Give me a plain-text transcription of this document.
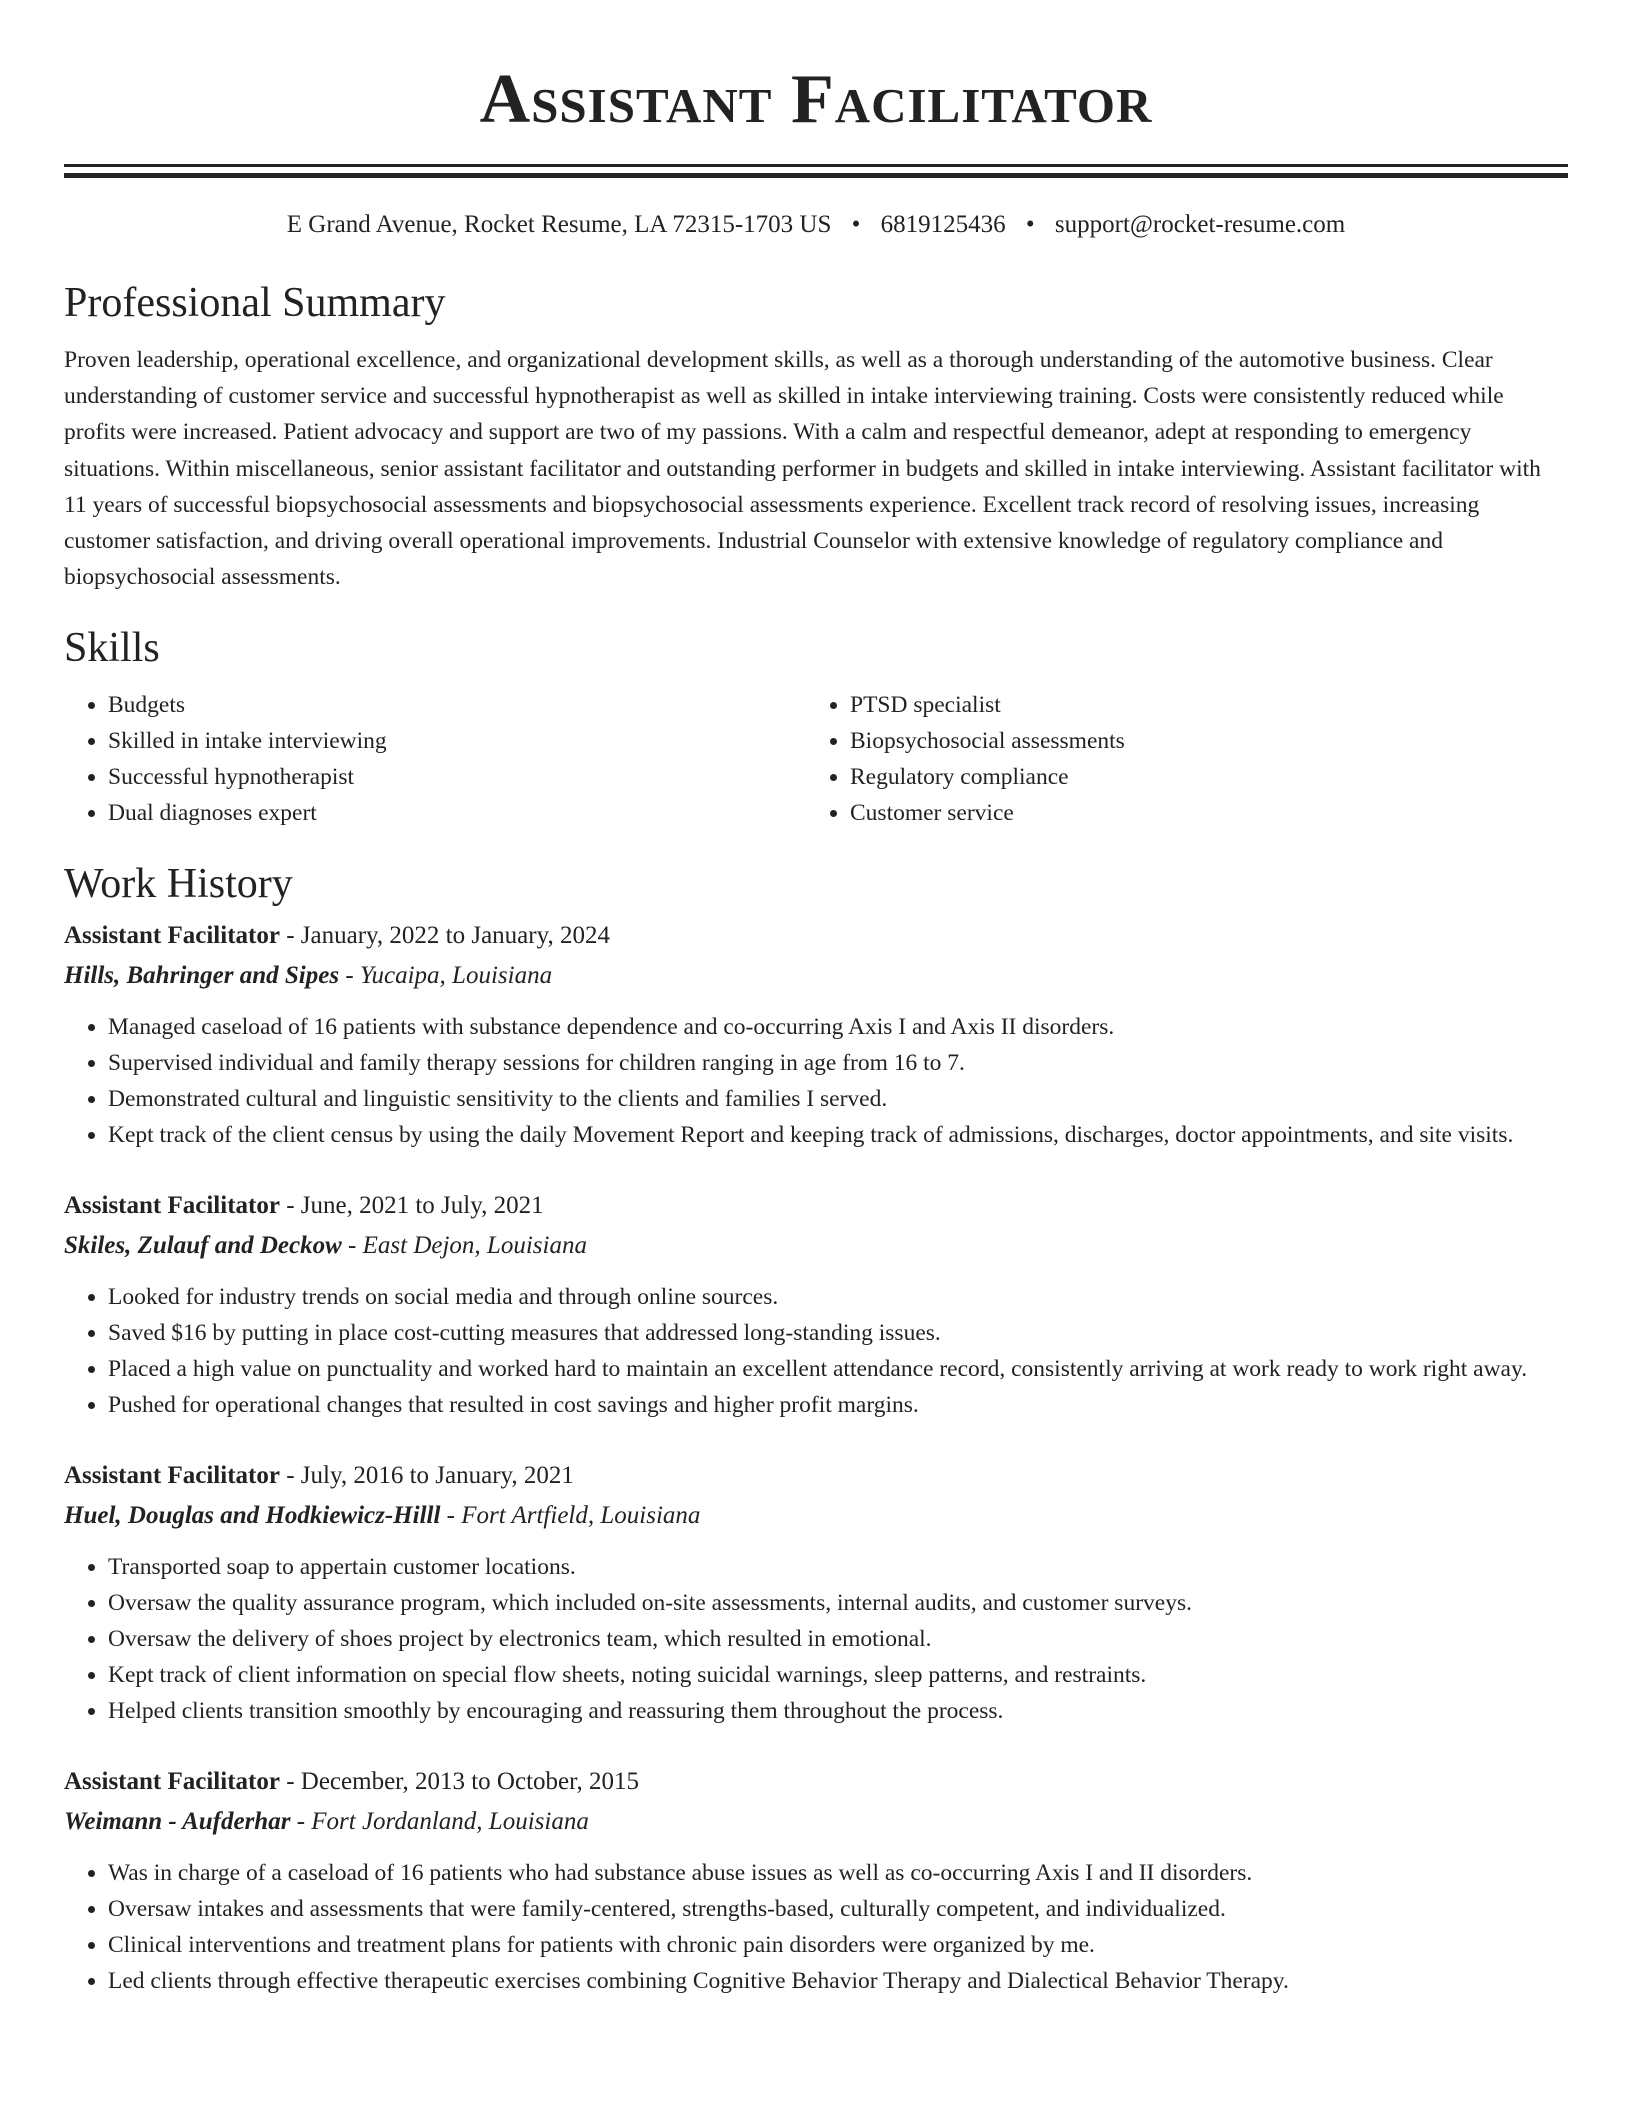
Assistant Facilitator
E Grand Avenue, Rocket Resume, LA 72315-1703 US • 6819125436 • support@rocket-resume.com
Professional Summary

Proven leadership, operational excellence, and organizational development skills, as well as a thorough understanding of the automotive business. Clear understanding of customer service and successful hypnotherapist as well as skilled in intake interviewing training. Costs were consistently reduced while profits were increased. Patient advocacy and support are two of my passions. With a calm and respectful demeanor, adept at responding to emergency situations. Within miscellaneous, senior assistant facilitator and outstanding performer in budgets and skilled in intake interviewing. Assistant facilitator with 11 years of successful biopsychosocial assessments and biopsychosocial assessments experience. Excellent track record of resolving issues, increasing customer satisfaction, and driving overall operational improvements. Industrial Counselor with extensive knowledge of regulatory compliance and biopsychosocial assessments.

Skills
• Budgets
• Skilled in intake interviewing
• Successful hypnotherapist
• Dual diagnoses expert
• PTSD specialist
• Biopsychosocial assessments
• Regulatory compliance
• Customer service
Work History
Assistant Facilitator - January, 2022 to January, 2024
Hills, Bahringer and Sipes - Yucaipa, Louisiana
• Managed caseload of 16 patients with substance dependence and co-occurring Axis I and Axis II disorders.
• Supervised individual and family therapy sessions for children ranging in age from 16 to 7.
• Demonstrated cultural and linguistic sensitivity to the clients and families I served.
• Kept track of the client census by using the daily Movement Report and keeping track of admissions, discharges, doctor appointments, and site visits.
Assistant Facilitator - June, 2021 to July, 2021
Skiles, Zulauf and Deckow - East Dejon, Louisiana
• Looked for industry trends on social media and through online sources.
• Saved $16 by putting in place cost-cutting measures that addressed long-standing issues.
• Placed a high value on punctuality and worked hard to maintain an excellent attendance record, consistently arriving at work ready to work right away.
• Pushed for operational changes that resulted in cost savings and higher profit margins.
Assistant Facilitator - July, 2016 to January, 2021
Huel, Douglas and Hodkiewicz-Hilll - Fort Artfield, Louisiana
• Transported soap to appertain customer locations.
• Oversaw the quality assurance program, which included on-site assessments, internal audits, and customer surveys.
• Oversaw the delivery of shoes project by electronics team, which resulted in emotional.
• Kept track of client information on special flow sheets, noting suicidal warnings, sleep patterns, and restraints.
• Helped clients transition smoothly by encouraging and reassuring them throughout the process.
Assistant Facilitator - December, 2013 to October, 2015
Weimann - Aufderhar - Fort Jordanland, Louisiana
• Was in charge of a caseload of 16 patients who had substance abuse issues as well as co-occurring Axis I and II disorders.
• Oversaw intakes and assessments that were family-centered, strengths-based, culturally competent, and individualized.
• Clinical interventions and treatment plans for patients with chronic pain disorders were organized by me.
• Led clients through effective therapeutic exercises combining Cognitive Behavior Therapy and Dialectical Behavior Therapy.
